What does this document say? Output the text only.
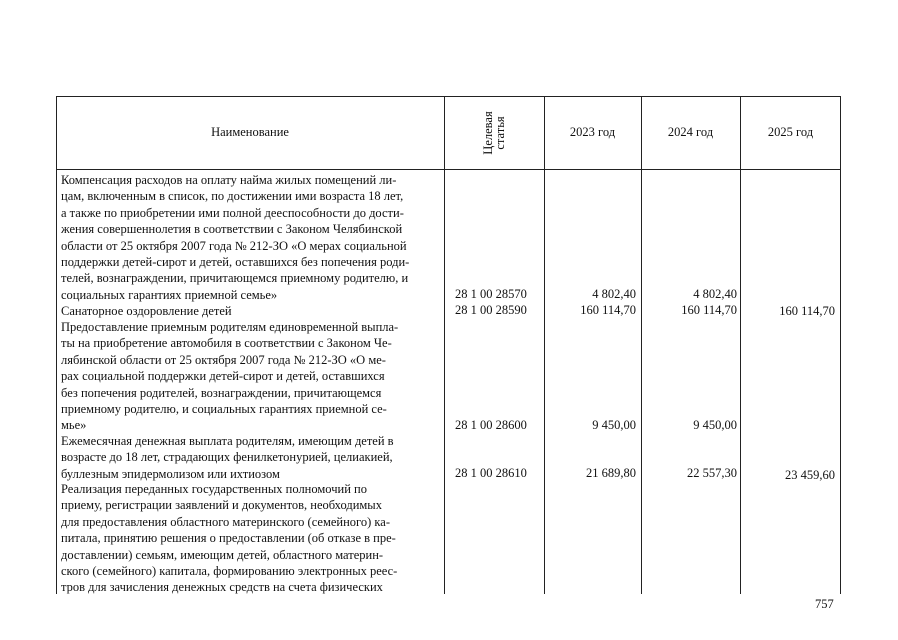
Наименование	Целевая статья	2023 год	2024 год	2025 год
Компенсация расходов на оплату найма жилых помещений ли-
цам, включенным в список, по достижении ими возраста 18 лет,
а также по приобретении ими полной дееспособности до дости-
жения совершеннолетия в соответствии с Законом Челябинской
области от 25 октября 2007 года № 212-ЗО «О мерах социальной
поддержки детей-сирот и детей, оставшихся без попечения роди-
телей, вознаграждении, причитающемся приемному родителю, и
социальных гарантиях приемной семье»	28 1 00 28570	4 802,40	4 802,40
Санаторное оздоровление детей	28 1 00 28590	160 114,70	160 114,70	160 114,70
Предоставление приемным родителям единовременной выпла-
ты на приобретение автомобиля в соответствии с Законом Че-
лябинской области от 25 октября 2007 года № 212-ЗО «О ме-
рах социальной поддержки детей-сирот и детей, оставшихся
без попечения родителей, вознаграждении, причитающемся
приемному родителю, и социальных гарантиях приемной се-
мье»	28 1 00 28600	9 450,00	9 450,00
Ежемесячная денежная выплата родителям, имеющим детей в
возрасте до 18 лет, страдающих фенилкетонурией, целиакией,
буллезным эпидермолизом или ихтиозом	28 1 00 28610	21 689,80	22 557,30	23 459,60
Реализация переданных государственных полномочий по
приему, регистрации заявлений и документов, необходимых
для предоставления областного материнского (семейного) ка-
питала, принятию решения о предоставлении (об отказе в пре-
доставлении) семьям, имеющим детей, областного материн-
ского (семейного) капитала, формированию электронных реес-
тров для зачисления денежных средств на счета физических
757
